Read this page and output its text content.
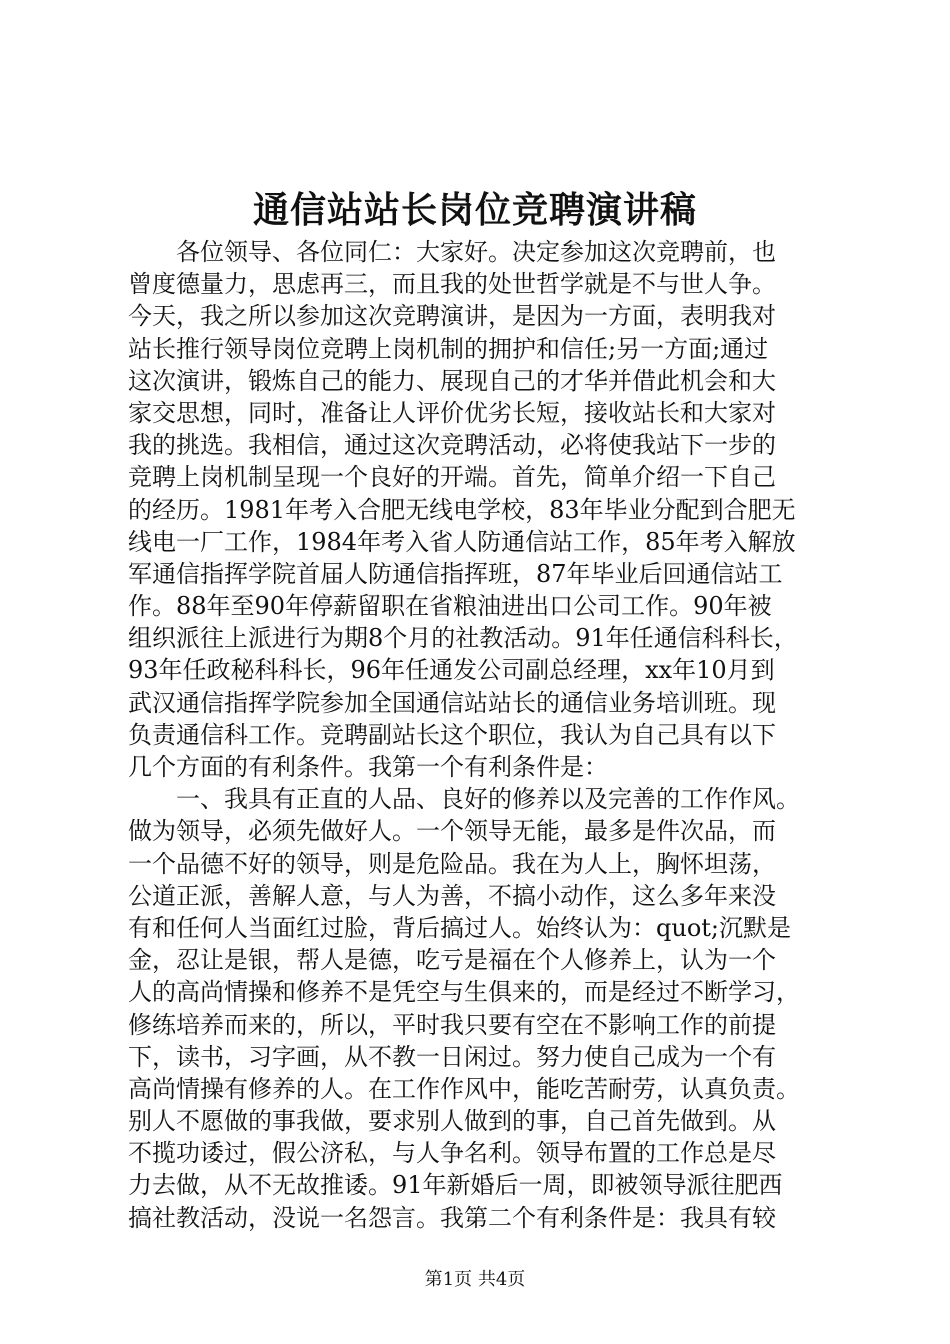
通信站站长岗位竞聘演讲稿
各位领导、各位同仁：大家好。决定参加这次竞聘前，也
曾度德量力，思虑再三，而且我的处世哲学就是不与世人争。
今天，我之所以参加这次竞聘演讲，是因为一方面，表明我对
站长推行领导岗位竞聘上岗机制的拥护和信任;另一方面;通过
这次演讲，锻炼自己的能力、展现自己的才华并借此机会和大
家交思想，同时，准备让人评价优劣长短，接收站长和大家对
我的挑选。我相信，通过这次竞聘活动，必将使我站下一步的
竞聘上岗机制呈现一个良好的开端。首先，简单介绍一下自己
的经历。1981年考入合肥无线电学校，83年毕业分配到合肥无
线电一厂工作，1984年考入省人防通信站工作，85年考入解放
军通信指挥学院首届人防通信指挥班，87年毕业后回通信站工
作。88年至90年停薪留职在省粮油进出口公司工作。90年被
组织派往上派进行为期8个月的社教活动。91年任通信科科长，
93年任政秘科科长，96年任通发公司副总经理，xx年10月到
武汉通信指挥学院参加全国通信站站长的通信业务培训班。现
负责通信科工作。竞聘副站长这个职位，我认为自己具有以下
几个方面的有利条件。我第一个有利条件是：
一、我具有正直的人品、良好的修养以及完善的工作作风。
做为领导，必须先做好人。一个领导无能，最多是件次品，而
一个品德不好的领导，则是危险品。我在为人上，胸怀坦荡，
公道正派，善解人意，与人为善，不搞小动作，这么多年来没
有和任何人当面红过脸，背后搞过人。始终认为：quot;沉默是
金，忍让是银，帮人是德，吃亏是福在个人修养上，认为一个
人的高尚情操和修养不是凭空与生俱来的，而是经过不断学习，
修练培养而来的，所以，平时我只要有空在不影响工作的前提
下，读书，习字画，从不教一日闲过。努力使自己成为一个有
高尚情操有修养的人。在工作作风中，能吃苦耐劳，认真负责。
别人不愿做的事我做，要求别人做到的事，自己首先做到。从
不揽功诿过，假公济私，与人争名利。领导布置的工作总是尽
力去做，从不无故推诿。91年新婚后一周，即被领导派往肥西
搞社教活动，没说一名怨言。我第二个有利条件是：我具有较
第1页 共4页
